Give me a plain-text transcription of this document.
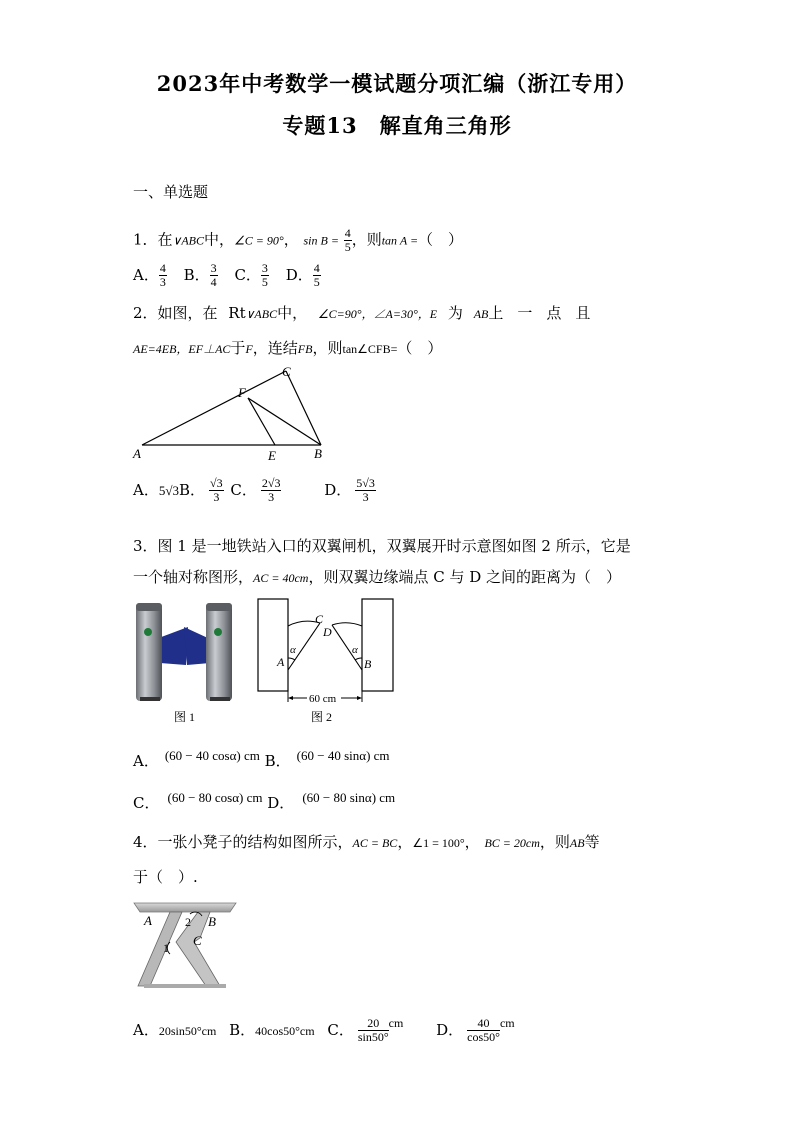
2023年中考数学一模试题分项汇编（浙江专用）
专题13　解直角三角形
一、单选题
1．在∨ABC中，∠C = 90°， $\sin B = \frac{4}{5}$ ，则tan A =（　）
A． $\frac{4}{3}$ B． $\frac{3}{4}$ C． $\frac{3}{5}$ D． $\frac{4}{5}$
2．如图，在 Rt∨ABC中， ∠C=90°，∠A=30°，E 为 AB上一点且
AE=4EB，EF⊥AC于F，连结FB，则tan∠CFB=（　）
A	B
C
E
F
A．5√3B． $\frac{√3}{3}$ C． $\frac{2√3}{3}$	D． $\frac{5√3}{3}$
3．图 1 是一地铁站入口的双翼闸机，双翼展开时示意图如图 2 所示，它是
一个轴对称图形，AC = 40cm，则双翼边缘端点 C 与 D 之间的距离为（　）
图 1
60 cm
A	B
C
D
α	α
图 2
A． (60 − 40 cosα) cm B． (60 − 40 sinα) cm
C． (60 − 80 cosα) cm D． (60 − 80 sinα) cm
4．一张小凳子的结构如图所示，AC = BC，∠1 = 100°， BC = 20cm，则AB等
于（　）.
A	B
C
1
2
A．20sin50°cm B．40cos50°cm C． $\frac{20}{\sin 50^\circ} ^{cm}$ D． $\frac{40}{\cos 50^\circ} ^{cm}$
